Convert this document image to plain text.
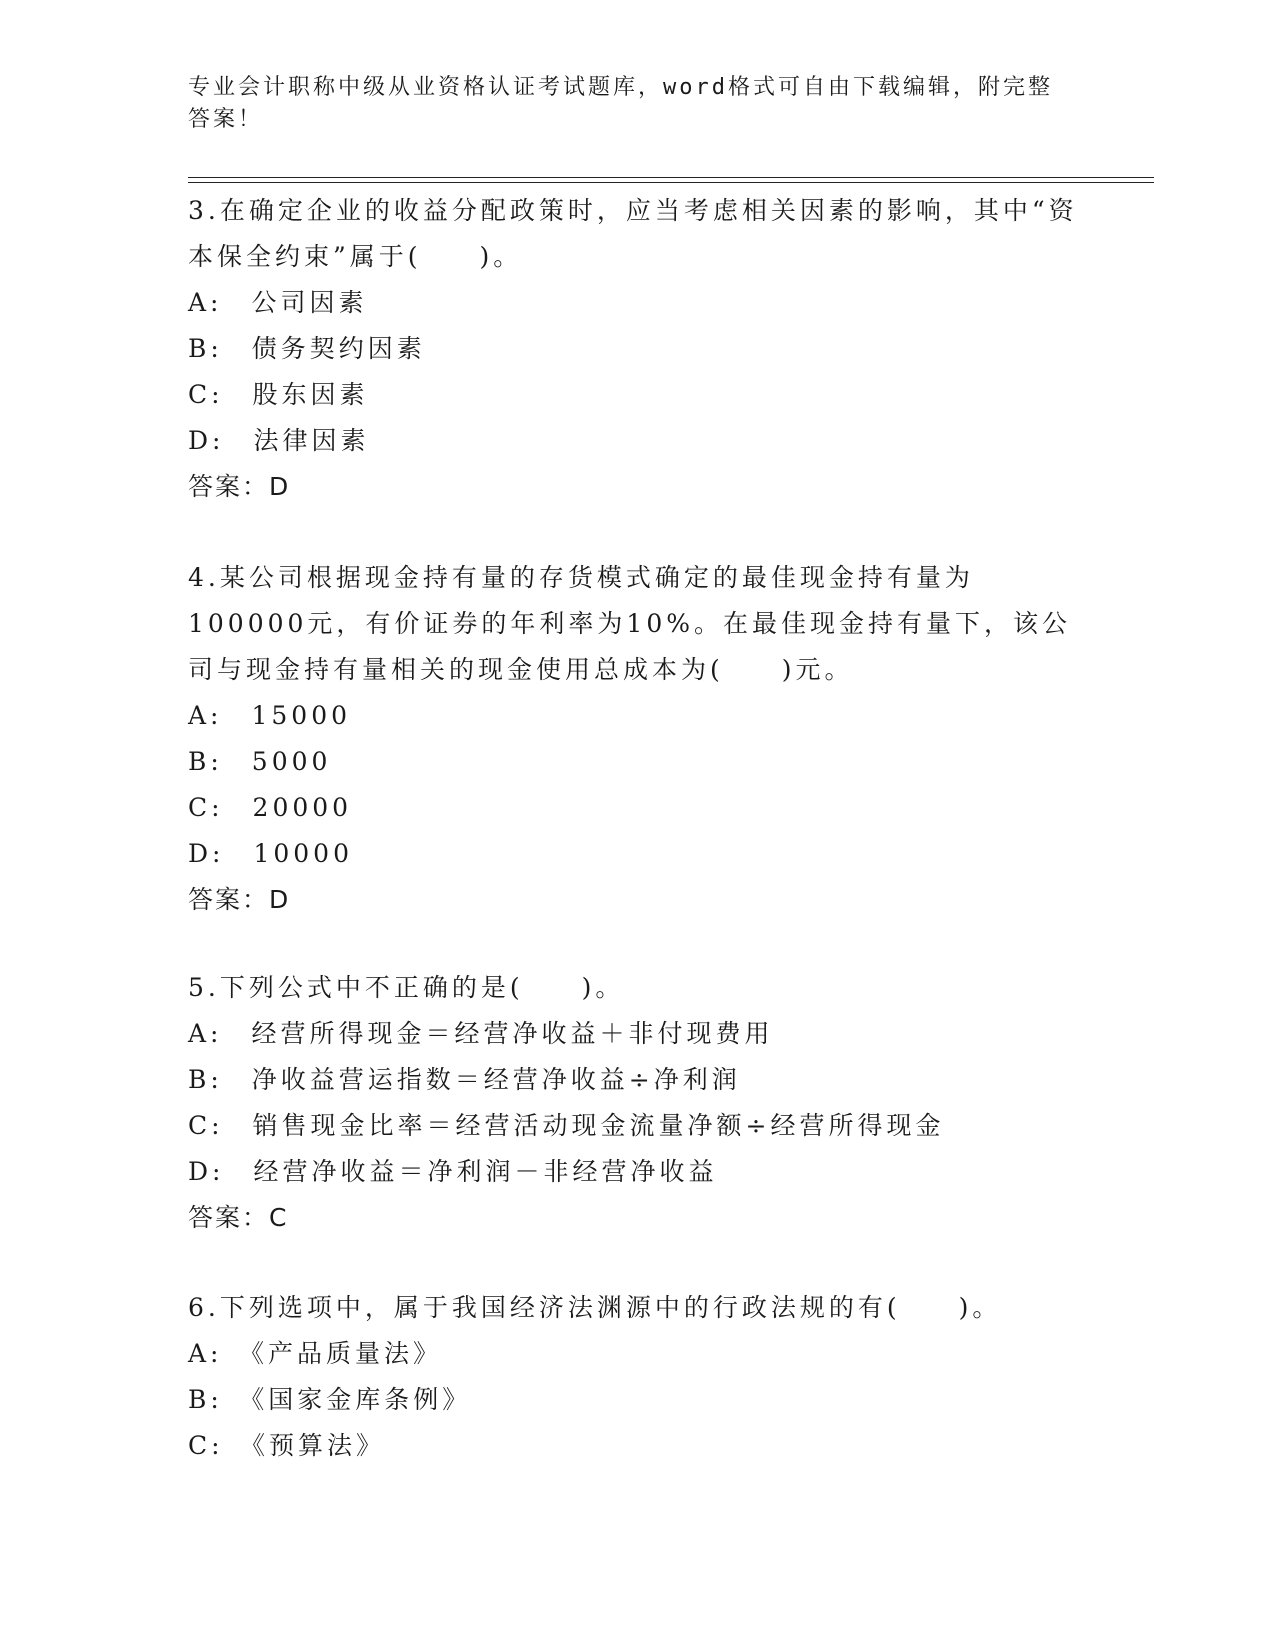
专业会计职称中级从业资格认证考试题库，word格式可自由下载编辑，附完整答案！

3.在确定企业的收益分配政策时，应当考虑相关因素的影响，其中“资本保全约束”属于(　　)。

A:　公司因素

B:　债务契约因素

C:　股东因素

D:　法律因素

答案：D

4.某公司根据现金持有量的存货模式确定的最佳现金持有量为100000元，有价证券的年利率为10%。在最佳现金持有量下，该公司与现金持有量相关的现金使用总成本为(　　)元。

A:　15000

B:　5000

C:　20000

D:　10000

答案：D

5.下列公式中不正确的是(　　)。

A:　经营所得现金＝经营净收益＋非付现费用

B:　净收益营运指数＝经营净收益÷净利润

C:　销售现金比率＝经营活动现金流量净额÷经营所得现金

D:　经营净收益＝净利润－非经营净收益

答案：C

6.下列选项中，属于我国经济法渊源中的行政法规的有(　　)。

A:　《产品质量法》

B:　《国家金库条例》

C:　《预算法》
